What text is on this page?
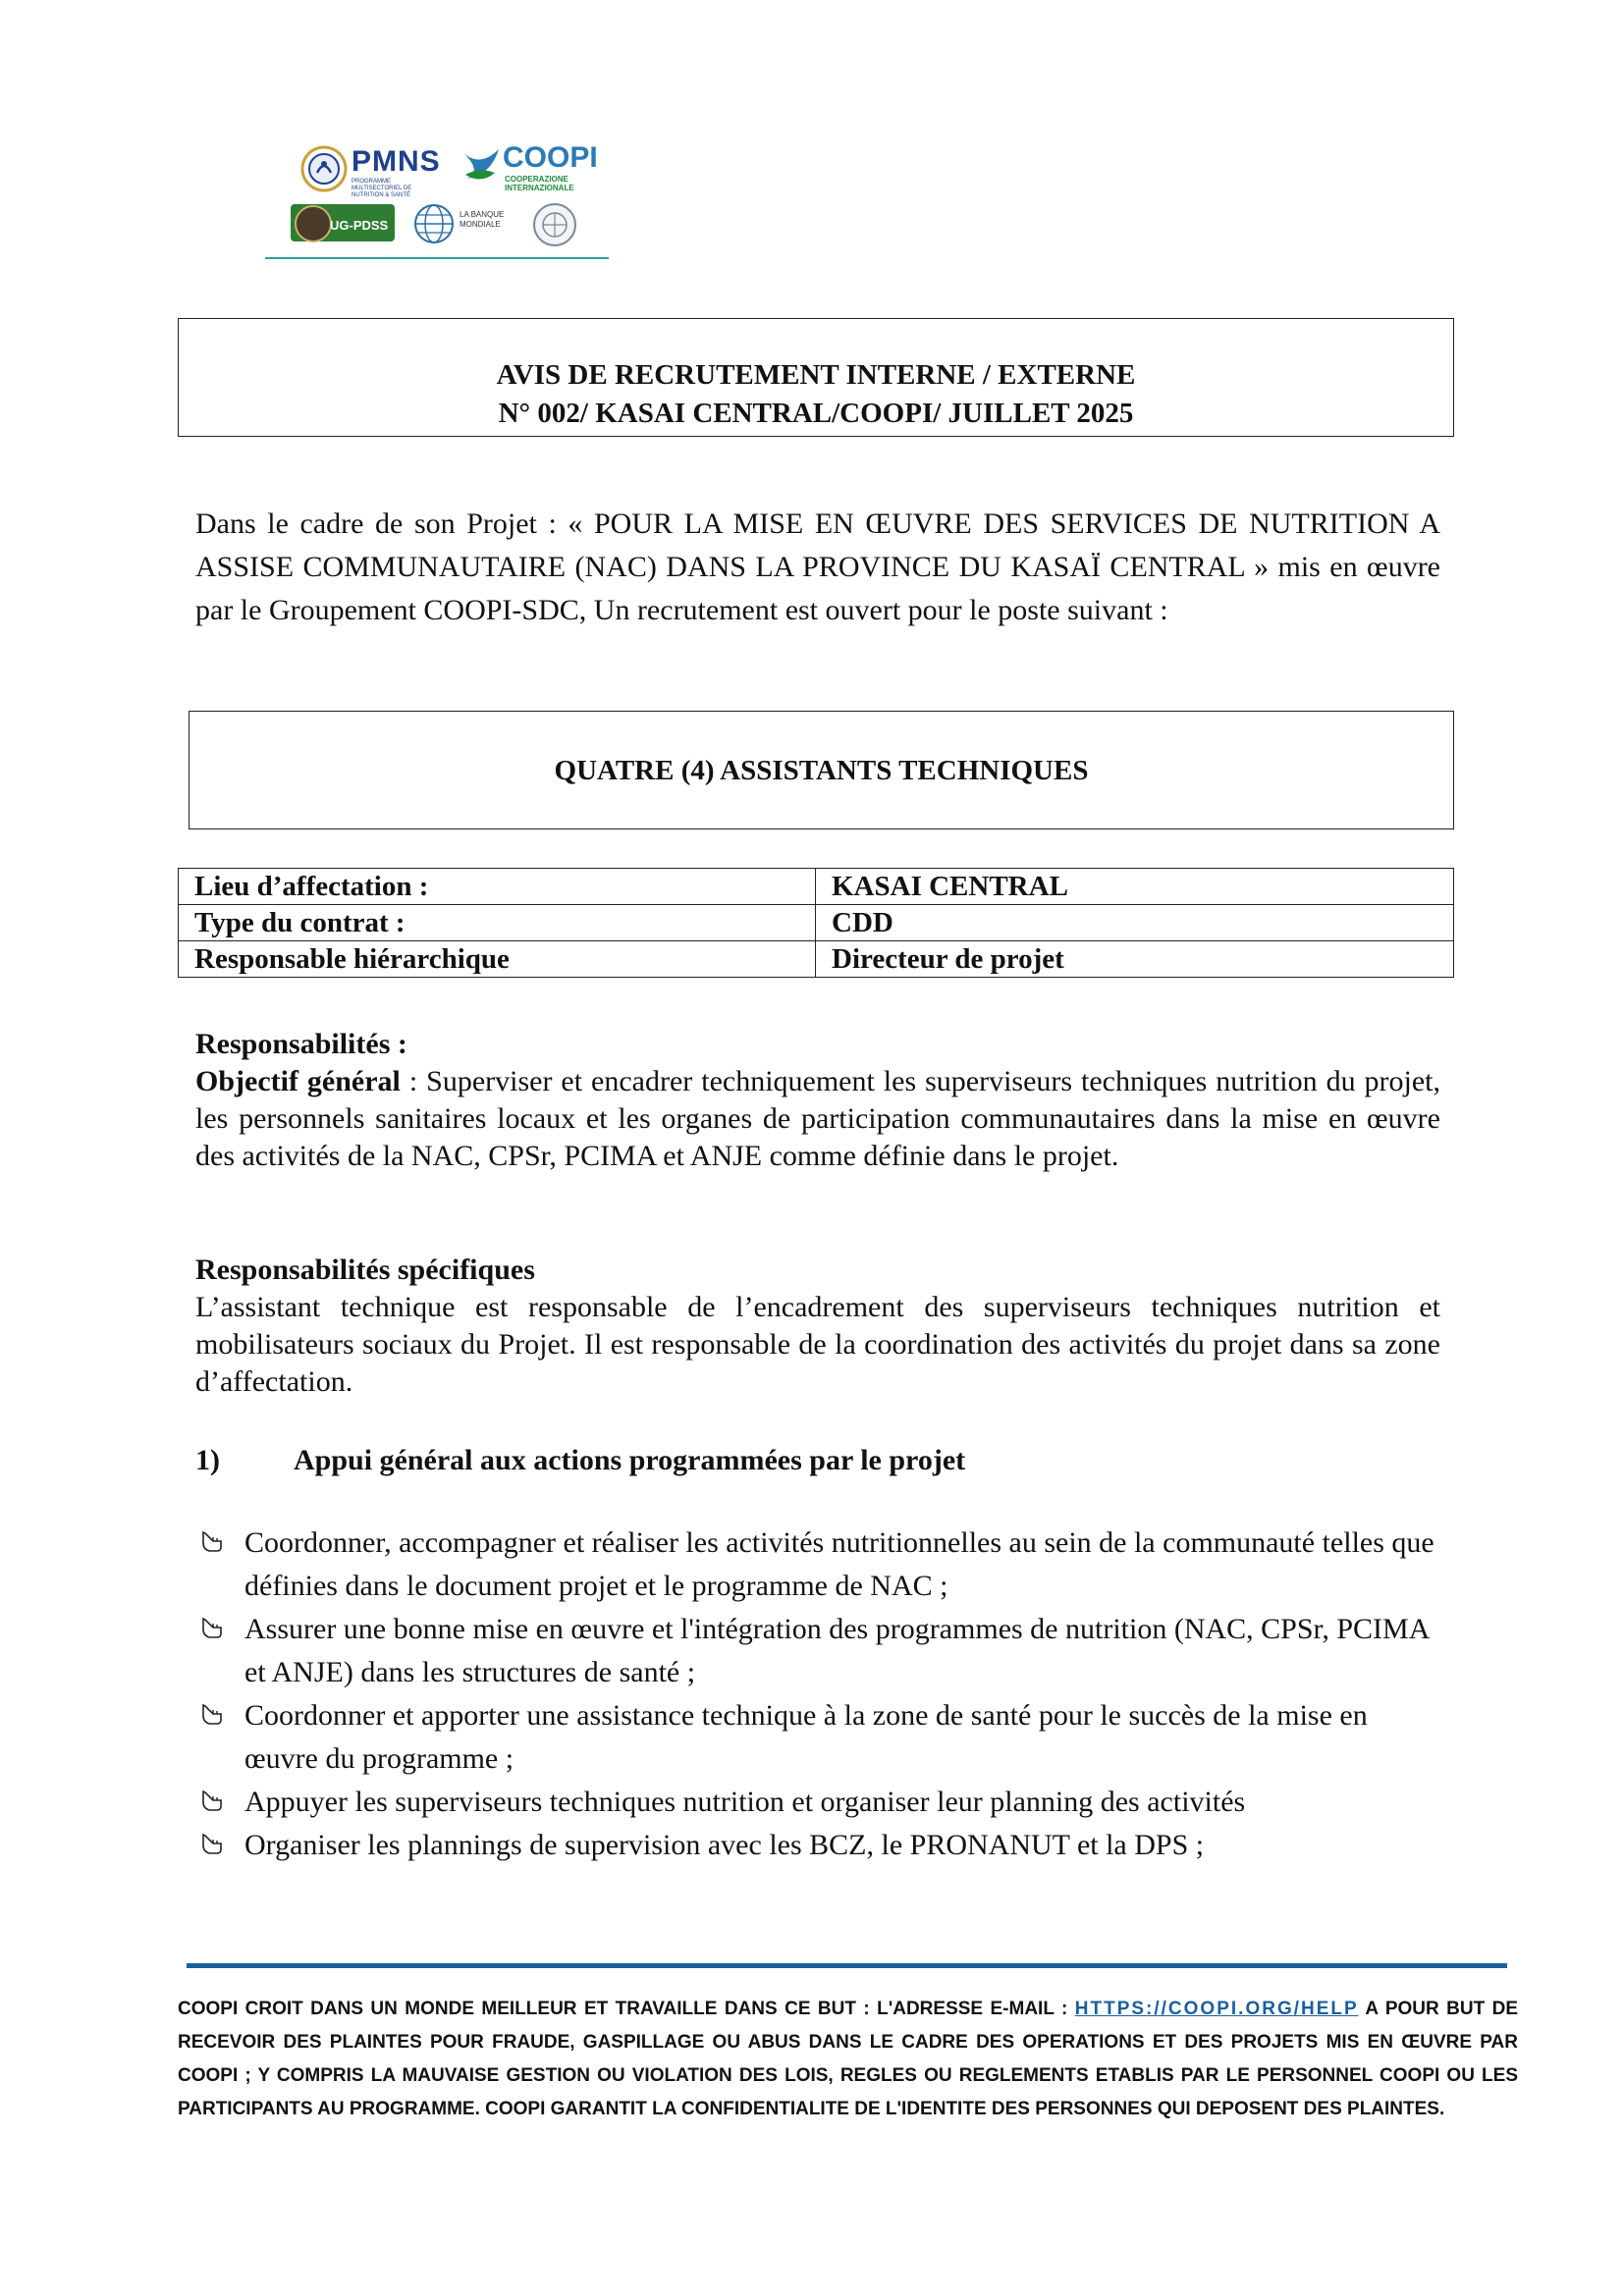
PMNS
PROGRAMME MULTISECTORIEL DE NUTRITION & SANTÉ
COOPI
COOPERAZIONE
INTERNAZIONALE
UG-PDSS
LA BANQUE
MONDIALE
AVIS DE RECRUTEMENT INTERNE / EXTERNE
N° 002/ KASAI CENTRAL/COOPI/ JUILLET 2025
Dans le cadre de son Projet : « POUR LA MISE EN ŒUVRE DES SERVICES DE NUTRITION A ASSISE COMMUNAUTAIRE (NAC) DANS LA PROVINCE DU KASAÏ CENTRAL » mis en œuvre par le Groupement COOPI-SDC, Un recrutement est ouvert pour le poste suivant :
QUATRE (4) ASSISTANTS TECHNIQUES
Lieu d’affectation :	KASAI CENTRAL
Type du contrat :	CDD
Responsable hiérarchique	Directeur de projet
Responsabilités :
Objectif général : Superviser et encadrer techniquement les superviseurs techniques nutrition du projet, les personnels sanitaires locaux et les organes de participation communautaires dans la mise en œuvre des activités de la NAC, CPSr, PCIMA et ANJE comme définie dans le projet.
Responsabilités spécifiques
L’assistant technique est responsable de l’encadrement des superviseurs techniques nutrition et mobilisateurs sociaux du Projet. Il est responsable de la coordination des activités du projet dans sa zone d’affectation.
1)	Appui général aux actions programmées par le projet
Coordonner, accompagner et réaliser les activités nutritionnelles au sein de la communauté telles que définies dans le document projet et le programme de NAC ;
Assurer une bonne mise en œuvre et l'intégration des programmes de nutrition (NAC, CPSr, PCIMA et ANJE) dans les structures de santé ;
Coordonner et apporter une assistance technique à la zone de santé pour le succès de la mise en œuvre du programme ;
Appuyer les superviseurs techniques nutrition et organiser leur planning des activités
Organiser les plannings de supervision avec les BCZ, le PRONANUT et la DPS ;
COOPI CROIT DANS UN MONDE MEILLEUR ET TRAVAILLE DANS CE BUT : L'ADRESSE E-MAIL : HTTPS://COOPI.ORG/HELP A POUR BUT DE RECEVOIR DES PLAINTES POUR FRAUDE, GASPILLAGE OU ABUS DANS LE CADRE DES OPERATIONS ET DES PROJETS MIS EN ŒUVRE PAR COOPI ; Y COMPRIS LA MAUVAISE GESTION OU VIOLATION DES LOIS, REGLES OU REGLEMENTS ETABLIS PAR LE PERSONNEL COOPI OU LES PARTICIPANTS AU PROGRAMME. COOPI GARANTIT LA CONFIDENTIALITE DE L'IDENTITE DES PERSONNES QUI DEPOSENT DES PLAINTES.
